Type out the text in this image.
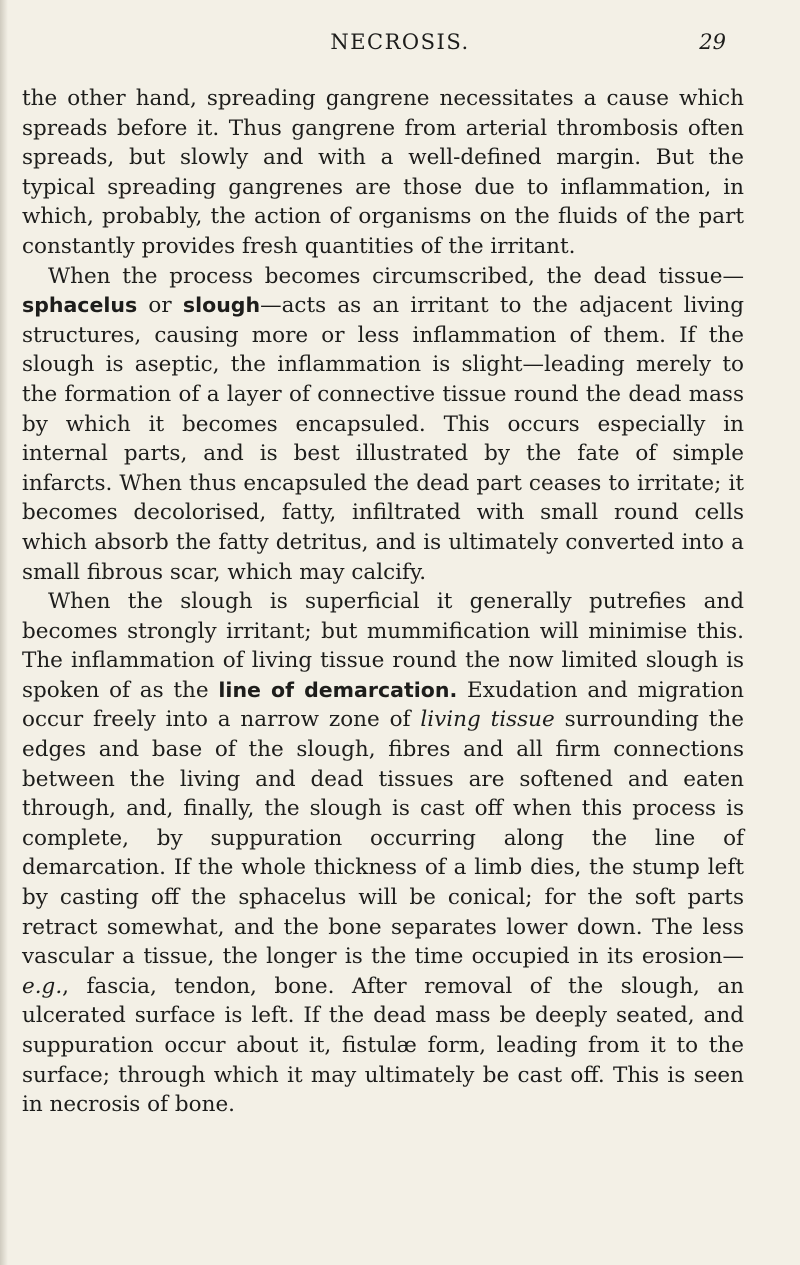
NECROSIS.	29

the other hand, spreading gangrene necessitates a cause which spreads before it. Thus gangrene from arterial thrombosis often spreads, but slowly and with a well-defined margin. But the typical spreading gangrenes are those due to inflammation, in which, probably, the action of organisms on the fluids of the part constantly provides fresh quantities of the irritant.

When the process becomes circumscribed, the dead tissue—sphacelus or slough—acts as an irritant to the adjacent living structures, causing more or less inflammation of them. If the slough is aseptic, the inflammation is slight—leading merely to the formation of a layer of connective tissue round the dead mass by which it becomes encapsuled. This occurs especially in internal parts, and is best illustrated by the fate of simple infarcts. When thus encapsuled the dead part ceases to irritate; it becomes decolorised, fatty, infiltrated with small round cells which absorb the fatty detritus, and is ultimately converted into a small fibrous scar, which may calcify.

When the slough is superficial it generally putrefies and becomes strongly irritant; but mummification will minimise this. The inflammation of living tissue round the now limited slough is spoken of as the line of demarcation. Exudation and migration occur freely into a narrow zone of living tissue surrounding the edges and base of the slough, fibres and all firm connections between the living and dead tissues are softened and eaten through, and, finally, the slough is cast off when this process is complete, by suppuration occurring along the line of demarcation. If the whole thickness of a limb dies, the stump left by casting off the sphacelus will be conical; for the soft parts retract somewhat, and the bone separates lower down. The less vascular a tissue, the longer is the time occupied in its erosion—e.g., fascia, tendon, bone. After removal of the slough, an ulcerated surface is left. If the dead mass be deeply seated, and suppuration occur about it, fistulæ form, leading from it to the surface; through which it may ultimately be cast off. This is seen in necrosis of bone.
